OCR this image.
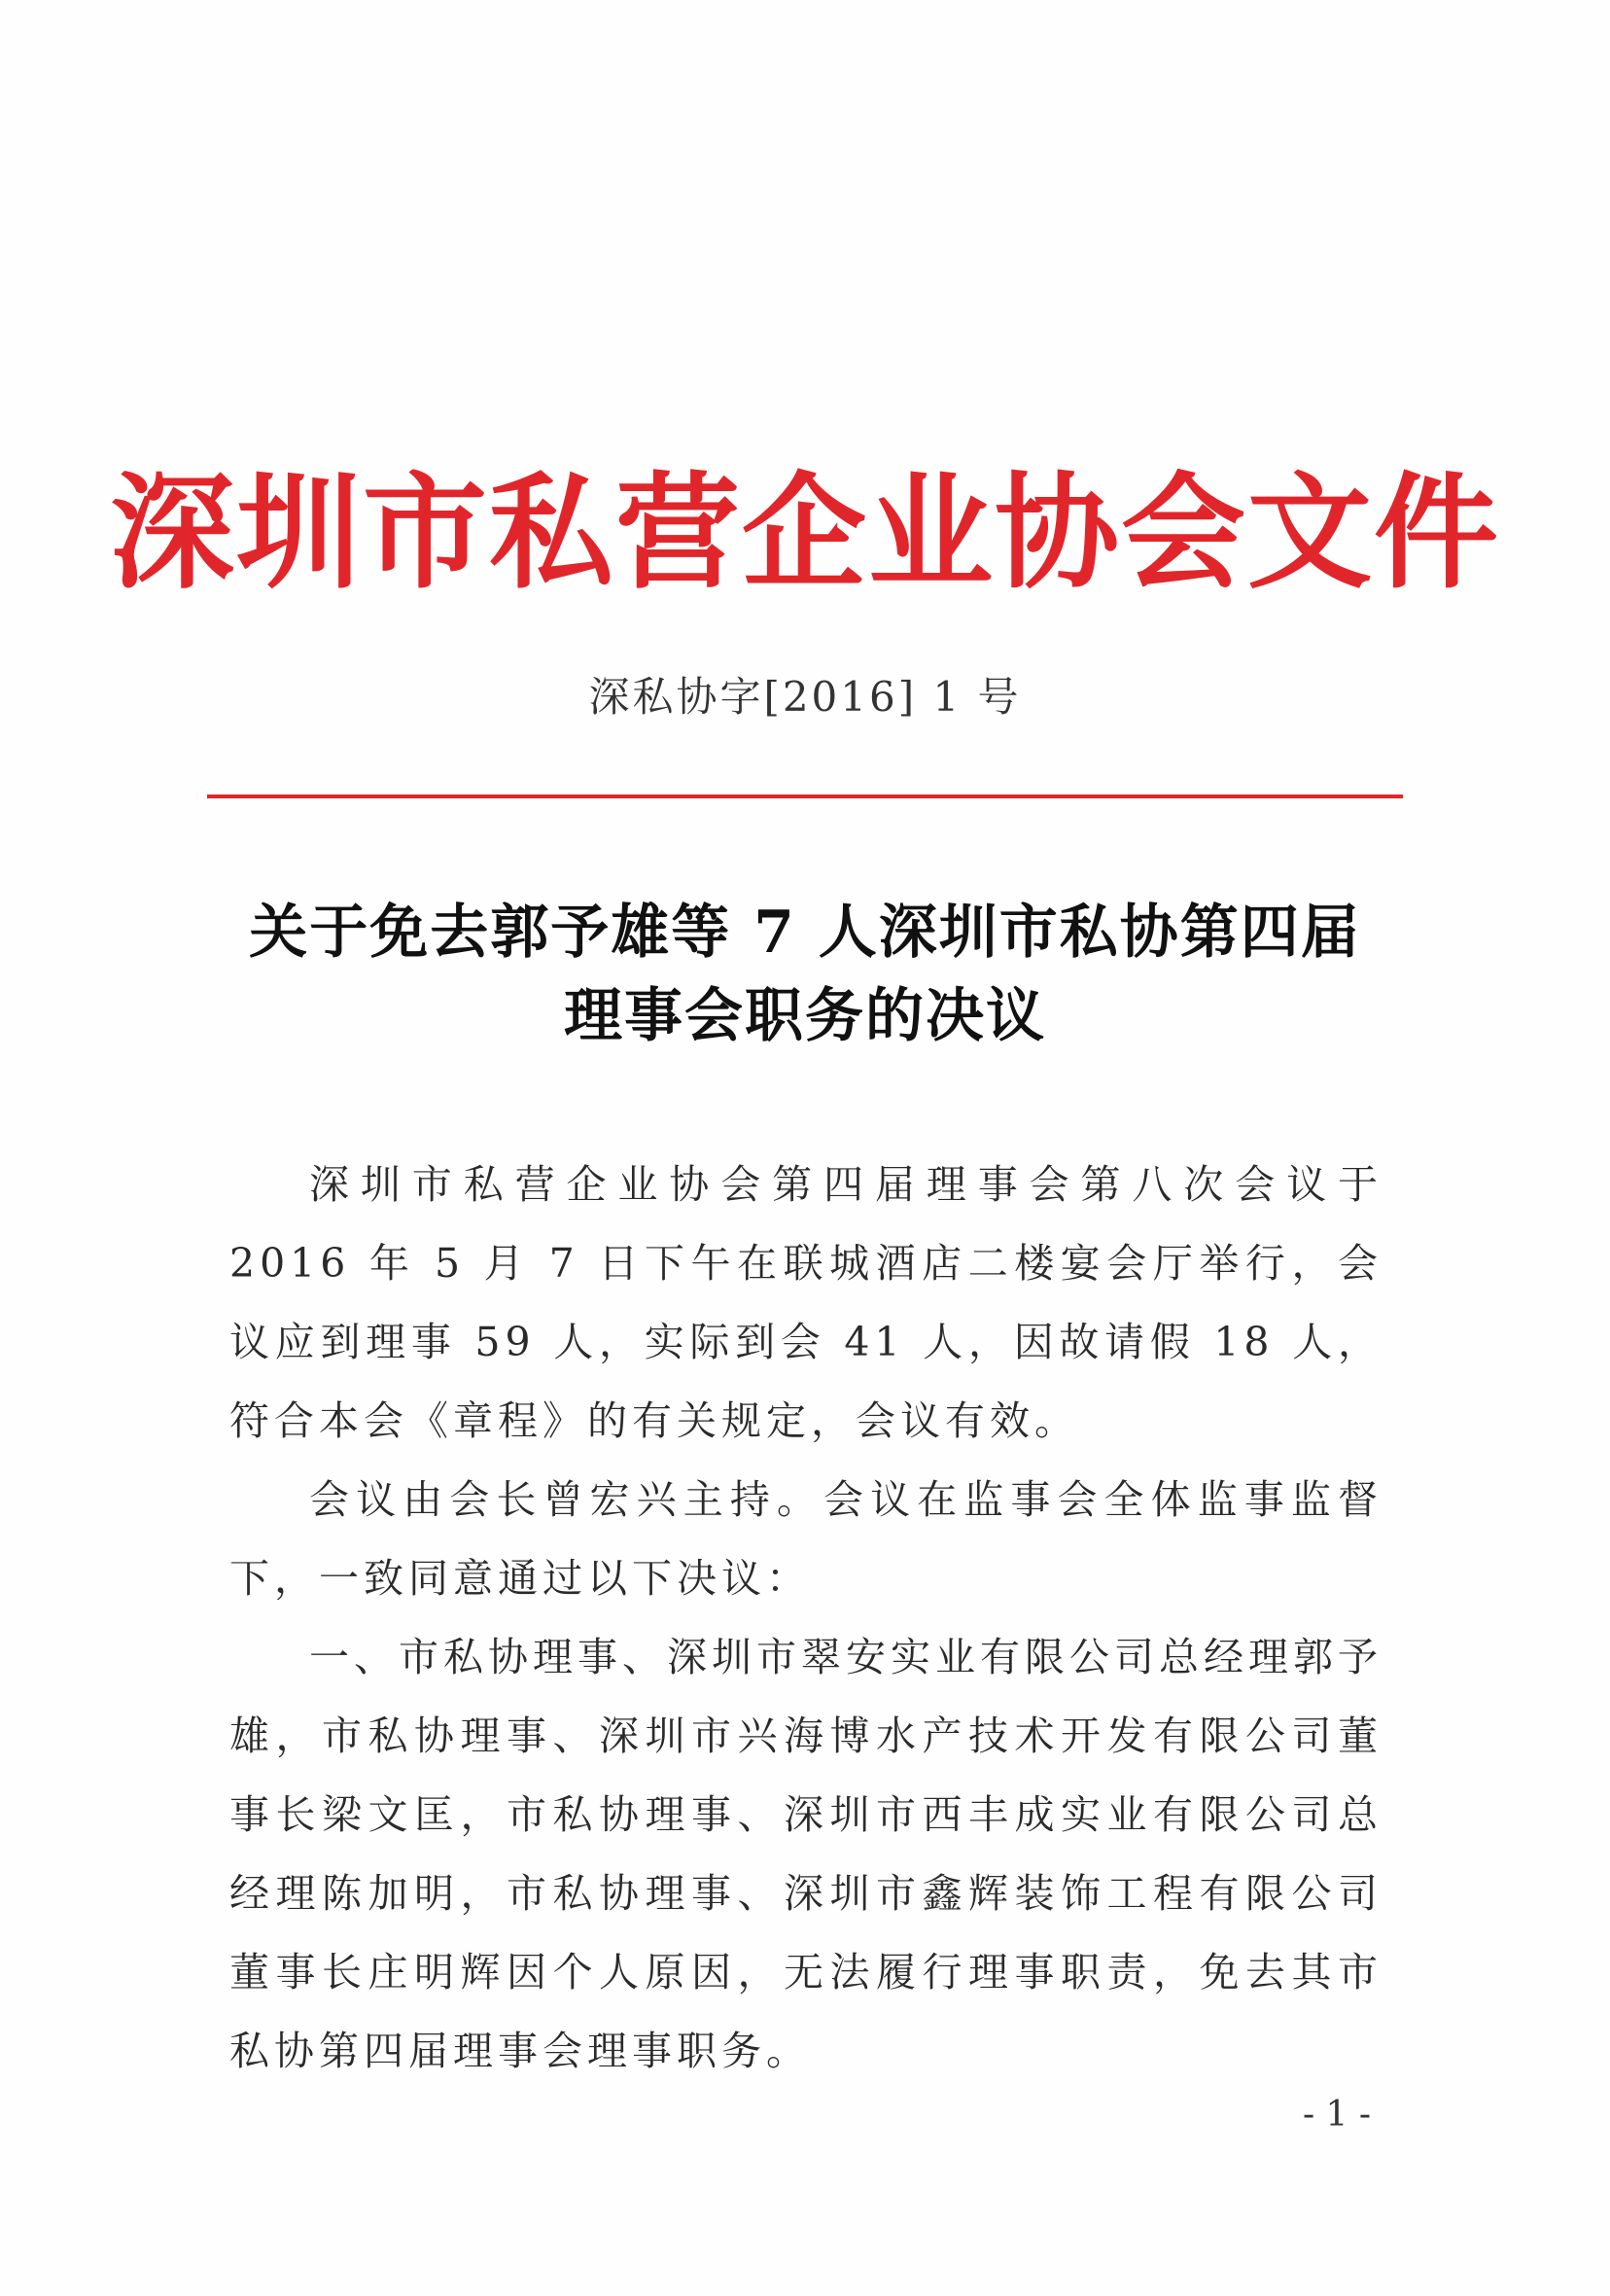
深圳市私营企业协会文件
深私协字[2016] 1 号
关于免去郭予雄等 7 人深圳市私协第四届
理事会职务的决议

深圳市私营企业协会第四届理事会第八次会议于 2016 年 5 月 7 日下午在联城酒店二楼宴会厅举行，会议应到理事 59 人，实际到会 41 人，因故请假 18 人，符合本会《章程》的有关规定，会议有效。

会议由会长曾宏兴主持。会议在监事会全体监事监督下，一致同意通过以下决议：

一、市私协理事、深圳市翠安实业有限公司总经理郭予雄，市私协理事、深圳市兴海博水产技术开发有限公司董事长梁文匡，市私协理事、深圳市西丰成实业有限公司总经理陈加明，市私协理事、深圳市鑫辉装饰工程有限公司董事长庄明辉因个人原因，无法履行理事职责，免去其市私协第四届理事会理事职务。

- 1 -
